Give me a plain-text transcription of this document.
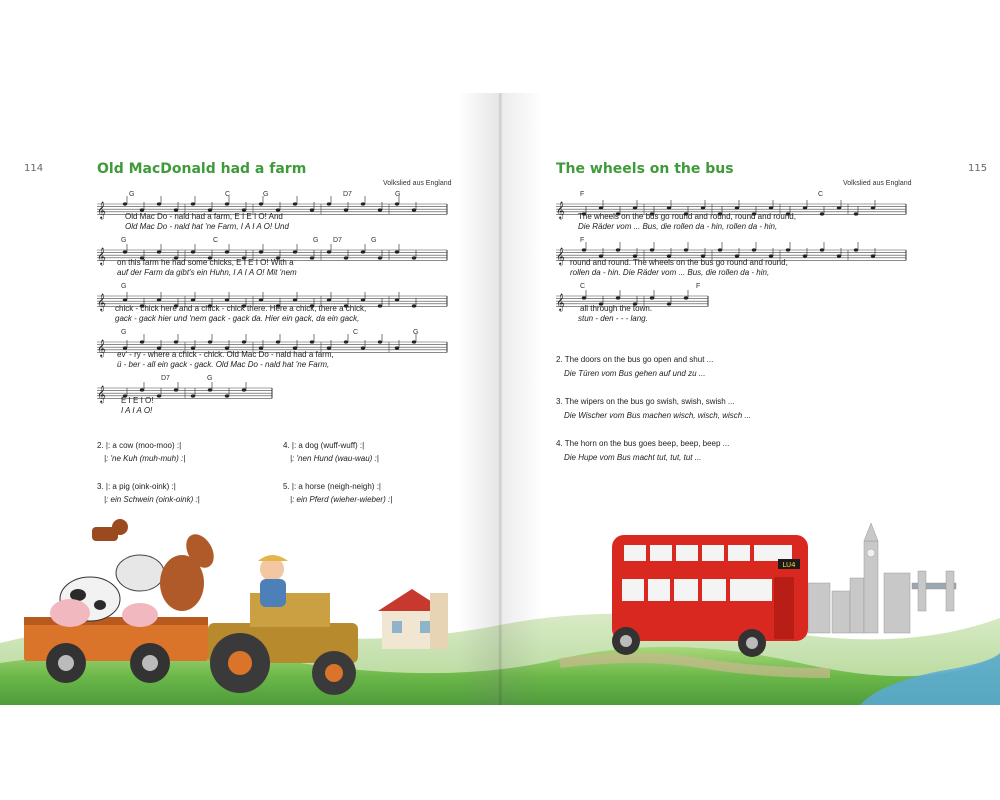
114	Old MacDonald had a farm
Volkslied aus England
G	C	G	D7	G
𝄞 Old Mac Do - nald had a farm, E I E I O! And
Old Mac Do - nald hat 'ne Farm, I A I A O! Und
G	C	G D7	G
𝄞 on this farm he had some chicks, E I E I O! With a
auf der Farm da gibt's ein Huhn, I A I A O! Mit 'nem
G
𝄞 chick - chick here and a chick - chick there. Here a chick, there a chick,
gack - gack hier und 'nem gack - gack da. Hier ein gack, da ein gack,
G	C	G
𝄞 ev' - ry - where a chick - chick. Old Mac Do - nald had a farm,
ü - ber - all ein gack - gack. Old Mac Do - nald hat 'ne Farm,
D7	G
𝄞 E I E I O!
I A I A O!
2. |: a cow (moo-moo) :|
|: 'ne Kuh (muh-muh) :|
3. |: a pig (oink-oink) :|
|: ein Schwein (oink-oink) :|
4. |: a dog (wuff-wuff) :|
|: 'nen Hund (wau-wau) :|
5. |: a horse (neigh-neigh) :|
|: ein Pferd (wieher-wieber) :|
115
The wheels on the bus
Volkslied aus England
F	C
𝄞 The wheels on the bus go round and round, round and round,
Die Räder vom ... Bus, die rollen da - hin, rollen da - hin,
F
𝄞 round and round. The wheels on the bus go round and round,
rollen da - hin. Die Räder vom ... Bus, die rollen da - hin,
C	F
𝄞 all through the town.
stun - den - - - lang.
2. The doors on the bus go open and shut ...
Die Türen vom Bus gehen auf und zu ...
3. The wipers on the bus go swish, swish, swish ...
Die Wischer vom Bus machen wisch, wisch, wisch ...
4. The horn on the bus goes beep, beep, beep ...
Die Hupe vom Bus macht tut, tut, tut ...
LU4
